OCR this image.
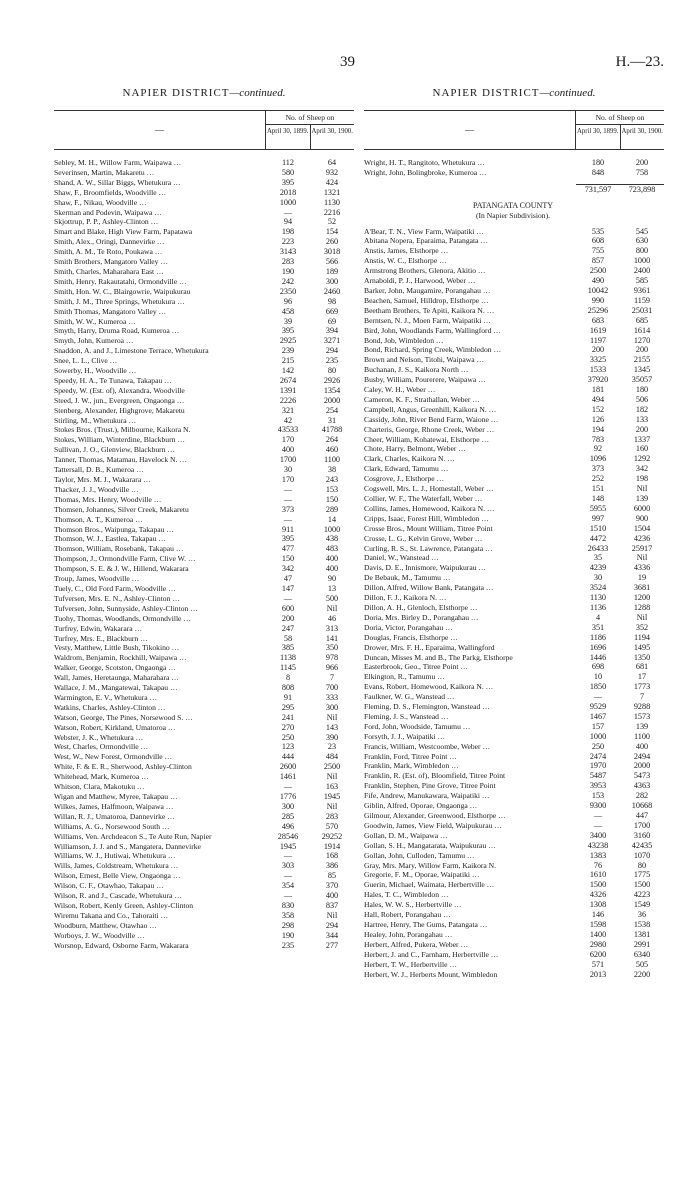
39	H.—23.
NAPIER DISTRICT—continued.
—
No. of Sheep on
April 30, 1899. April 30, 1900.
Sebley, M. H., Willow Farm, Waipawa …	112	64
Severinsen, Martin, Makaretu …	580	932
Shand, A. W., Sillar Biggs, Whetukura …	395	424
Shaw, F., Broomfields, Woodville …	2018	1321
Shaw, F., Nikau, Woodville …	1000	1130
Skerman and Podevin, Waipawa …	—	2216
Skjottrup, P. P., Ashley-Clinton …	94	52
Smart and Blake, High View Farm, Papatawa	198	154
Smith, Alex., Oringi, Dannevirke …	223	260
Smith, A. M., Te Roto, Poukawa …	3143	3018
Smith Brothers, Mangatoro Valley …	283	566
Smith, Charles, Maharahara East …	190	189
Smith, Henry, Rakautatahi, Ormondville …	242	300
Smith, Hon. W. C., Blairgowrie, Waipukurau	2350	2460
Smith, J. M., Three Springs, Whetukura …	96	98
Smith Thomas, Mangatoro Valley …	458	669
Smith, W. W., Kumeroa …	39	69
Smyth, Harry, Druma Road, Kumeroa …	395	394
Smyth, John, Kumeroa …	2925	3271
Snaddon, A. and J., Limestone Terrace, Whetukura	239	294
Snee, L. L., Clive …	215	235
Sowerby, H., Woodville …	142	80
Speedy, H. A., Te Tunawa, Takapau …	2674	2926
Speedy, W. (Est. of), Alexandra, Woodville	1391	1354
Steed, J. W., jun., Evergreen, Ongaonga …	2226	2000
Stenberg, Alexander, Highgrove, Makaretu	321	254
Stirling, M., Whetukura …	42	31
Stokes Bros. (Trust.), Milbourne, Kaikora N.	43533	41788
Stokes, William, Winterdine, Blackburn …	170	264
Sullivan, J. O., Glenview, Blackburn …	400	460
Tanner, Thomas, Matamau, Havelock N. …	1700	1100
Tattersall, D. B., Kumeroa …	30	38
Taylor, Mrs. M. J., Wakarara …	170	243
Thacker, J. J., Woodville …	—	153
Thomas, Mrs. Henry, Woodville …	—	150
Thomsen, Johannes, Silver Creek, Makaretu	373	289
Thomson, A. T., Kumeroa …	—	14
Thomson Bros., Waipunga, Takapau …	911	1000
Thomson, W. J., Eastlea, Takapau …	395	438
Thomson, William, Rosebank, Takapau …	477	483
Thompson, J., Ormondville Farm, Clive W. …	150	400
Thompson, S. E. & J. W., Hillend, Wakarara	342	400
Troup, James, Woodville …	47	90
Tuely, C., Old Ford Farm, Woodville …	147	13
Tufversen, Mrs. E. N., Ashley-Clinton …	—	500
Tufversen, John, Sunnyside, Ashley-Clinton …	600	Nil
Tuohy, Thomas, Woodlands, Ormondville …	200	46
Turfrey, Edwin, Wakarara …	247	313
Turfrey, Mrs. E., Blackburn …	58	141
Vesty, Matthew, Little Bush, Tikokino …	385	350
Waldrom, Benjamin, Rockhill, Waipawa …	1138	978
Walker, George, Scotston, Ongaonga …	1145	966
Wall, James, Heretaunga, Maharahara …	8	7
Wallace, J. M., Mangatewai, Takapau …	808	700
Warmington, E. V., Whetukura …	91	333
Watkins, Charles, Ashley-Clinton …	295	300
Watson, George, The Pines, Norsewood S. …	241	Nil
Watson, Robert, Kirkland, Umatoroa …	270	143
Webster, J. K., Whetukura …	250	390
West, Charles, Ormondville …	123	23
West, W., New Forest, Ormondville …	444	484
White, F. & E. R., Sherwood, Ashley-Clinton	2600	2500
Whitehead, Mark, Kumeroa …	1461	Nil
Whitson, Clara, Makotuku …	—	163
Wigan and Matthew, Myree, Takapau …	1776	1945
Wilkes, James, Halfmoon, Waipawa …	300	Nil
Willan, R. J., Umatoroa, Dannevirke …	285	283
Williams, A. G., Norsewood South …	496	570
Williams, Ven. Archdeacon S., Te Aute Run, Napier	28546	29252
Williamson, J. J. and S., Mangatera, Dannevirke	1945	1914
Williams, W. J., Hutiwai, Whetukura …	—	168
Wills, James, Coldstream, Whetukura …	303	386
Wilson, Ernest, Belle View, Ongaonga …	—	85
Wilson, C. F., Otawhao, Takapau …	354	370
Wilson, R. and J., Cascade, Whetukura …	—	400
Wilson, Robert, Kenly Green, Ashley-Clinton	830	837
Wiremu Takana and Co., Tahoraiti …	358	Nil
Woodburn, Matthew, Otawhao …	298	294
Worboys, J. W., Woodville …	190	344
Worsnop, Edward, Osborne Farm, Wakarara	235	277
NAPIER DISTRICT—continued.
—
No. of Sheep on
April 30, 1899. April 30, 1900.
Wright, H. T., Rangitoto, Whetukura …	180	200
Wright, John, Bolingbroke, Kumeroa …	848	758
731,597	723,898
PATANGATA COUNTY
(In Napier Subdivision).
A'Bear, T. N., View Farm, Waipatiki …	535	545
Abitana Nopera, Eparaima, Patangata …	608	630
Anstis, James, Elsthorpe …	755	800
Anstis, W. C., Elsthorpe …	857	1000
Armstrong Brothers, Glenora, Akitio …	2500	2400
Arnaboldi, P. J., Harwood, Weber …	490	585
Barker, John, Maugamire, Porangahau …	10042	9361
Beachen, Samuel, Hilldrop, Elsthorpe …	990	1159
Beetham Brothers, Te Apiti, Kaikora N. …	25296	25031
Berntsen, N. J., Moen Farm, Waipatiki …	683	685
Bird, John, Woodlands Farm, Wallingford …	1619	1614
Bond, Job, Wimbledon …	1197	1270
Bond, Richard, Spring Creek, Wimbledon …	200	200
Brown and Nelson, Titohi, Waipawa …	3325	2155
Buchanan, J. S., Kaikora North …	1533	1345
Busby, William, Pourerere, Waipawa …	37920	35057
Caley, W. H., Weber …	181	180
Cameron, K. F., Strathallan, Weber …	494	506
Campbell, Angus, Greenhill, Kaikora N. …	152	182
Cassidy, John, River Bend Farm, Waione …	126	133
Charteris, George, Rhone Creek, Weber …	194	200
Cheer, William, Kohatewai, Elsthorpe …	783	1337
Chote, Harry, Belmont, Weber …	92	160
Clark, Charles, Kaikora N. …	1096	1292
Clark, Edward, Tamumu …	373	342
Cosgrove, J., Elsthorpe …	252	198
Cogswell, Mrs. L. J., Homestall, Weber …	151	Nil
Collier, W. F., The Waterfall, Weber …	148	139
Collins, James, Homewood, Kaikora N. …	5955	6000
Cripps, Isaac, Forest Hill, Wimbledon …	997	900
Crosse Bros., Mount William, Titree Point	1510	1504
Crosse, L. G., Kelvin Grove, Weber …	4472	4236
Curling, R. S., St. Lawrence, Patangata …	26433	25917
Daniel, W., Wanstead …	35	Nil
Davis, D. E., Innismore, Waipukurau …	4239	4336
De Bebauk, M., Tamumu …	30	19
Dillon, Alfred, Willow Bank, Patangata …	3524	3681
Dillon, F. J., Kaikora N. …	1130	1200
Dillon, A. H., Glenloch, Elsthorpe …	1136	1288
Doria, Mrs. Birley D., Porangahau …	4	Nil
Doria, Victor, Porangahau …	351	352
Douglas, Francis, Elsthorpe …	1186	1194
Drower, Mrs. F. H., Eparaima, Wallingford	1696	1495
Duncan, Misses M. and B., The Parkg, Elsthorpe	1446	1350
Easterbrook, Geo., Titree Point …	698	681
Elkington, R., Tamumu …	10	17
Evans, Robert, Homewood, Kaikora N. …	1850	1773
Faulkner, W. G., Wanstead …	—	7
Fleming, D. S., Flemington, Wanstead …	9529	9288
Fleming, J. S., Wanstead …	1467	1573
Ford, John, Woodside, Tamumu …	157	139
Forsyth, J. J., Waipatiki …	1000	1100
Francis, William, Westcoombe, Weber …	250	400
Franklin, Ford, Titree Point …	2474	2494
Franklin, Mark, Wimbledon …	1970	2000
Franklin, R. (Est. of), Bloomfield, Titree Point	5487	5473
Franklin, Stephen, Pine Grove, Titree Point	3953	4363
Fife, Andrew, Manukawara, Waipatiki …	153	282
Giblin, Alfred, Oporae, Ongaonga …	9300	10668
Gilmour, Alexander, Greenwood, Elsthorpe …	—	447
Goodwin, James, View Field, Waipukurau …	—	1700
Gollan, D. M., Waipawa …	3400	3160
Gollan, S. H., Mangatarata, Waipukurau …	43238	42435
Gollan, John, Culloden, Tamumu …	1383	1070
Gray, Mrs. Mary, Willow Farm, Kaikora N.	76	80
Gregorie, F. M., Oporae, Waipatiki …	1610	1775
Guerin, Michael, Waimata, Herbertville …	1500	1500
Hales, T. C., Wimbledon …	4326	4223
Hales, W. W. S., Herbertville …	1308	1549
Hall, Robert, Porangahau …	146	36
Hartree, Henry, The Gums, Patangata …	1598	1538
Healey, John, Porangahau …	1400	1381
Herbert, Alfred, Pukera, Weber …	2980	2991
Herbert, J. and C., Farnham, Herbertville …	6200	6340
Herbert, T. W., Herbertville …	571	505
Herbert, W. J., Herberts Mount, Wimbledon	2013	2200
